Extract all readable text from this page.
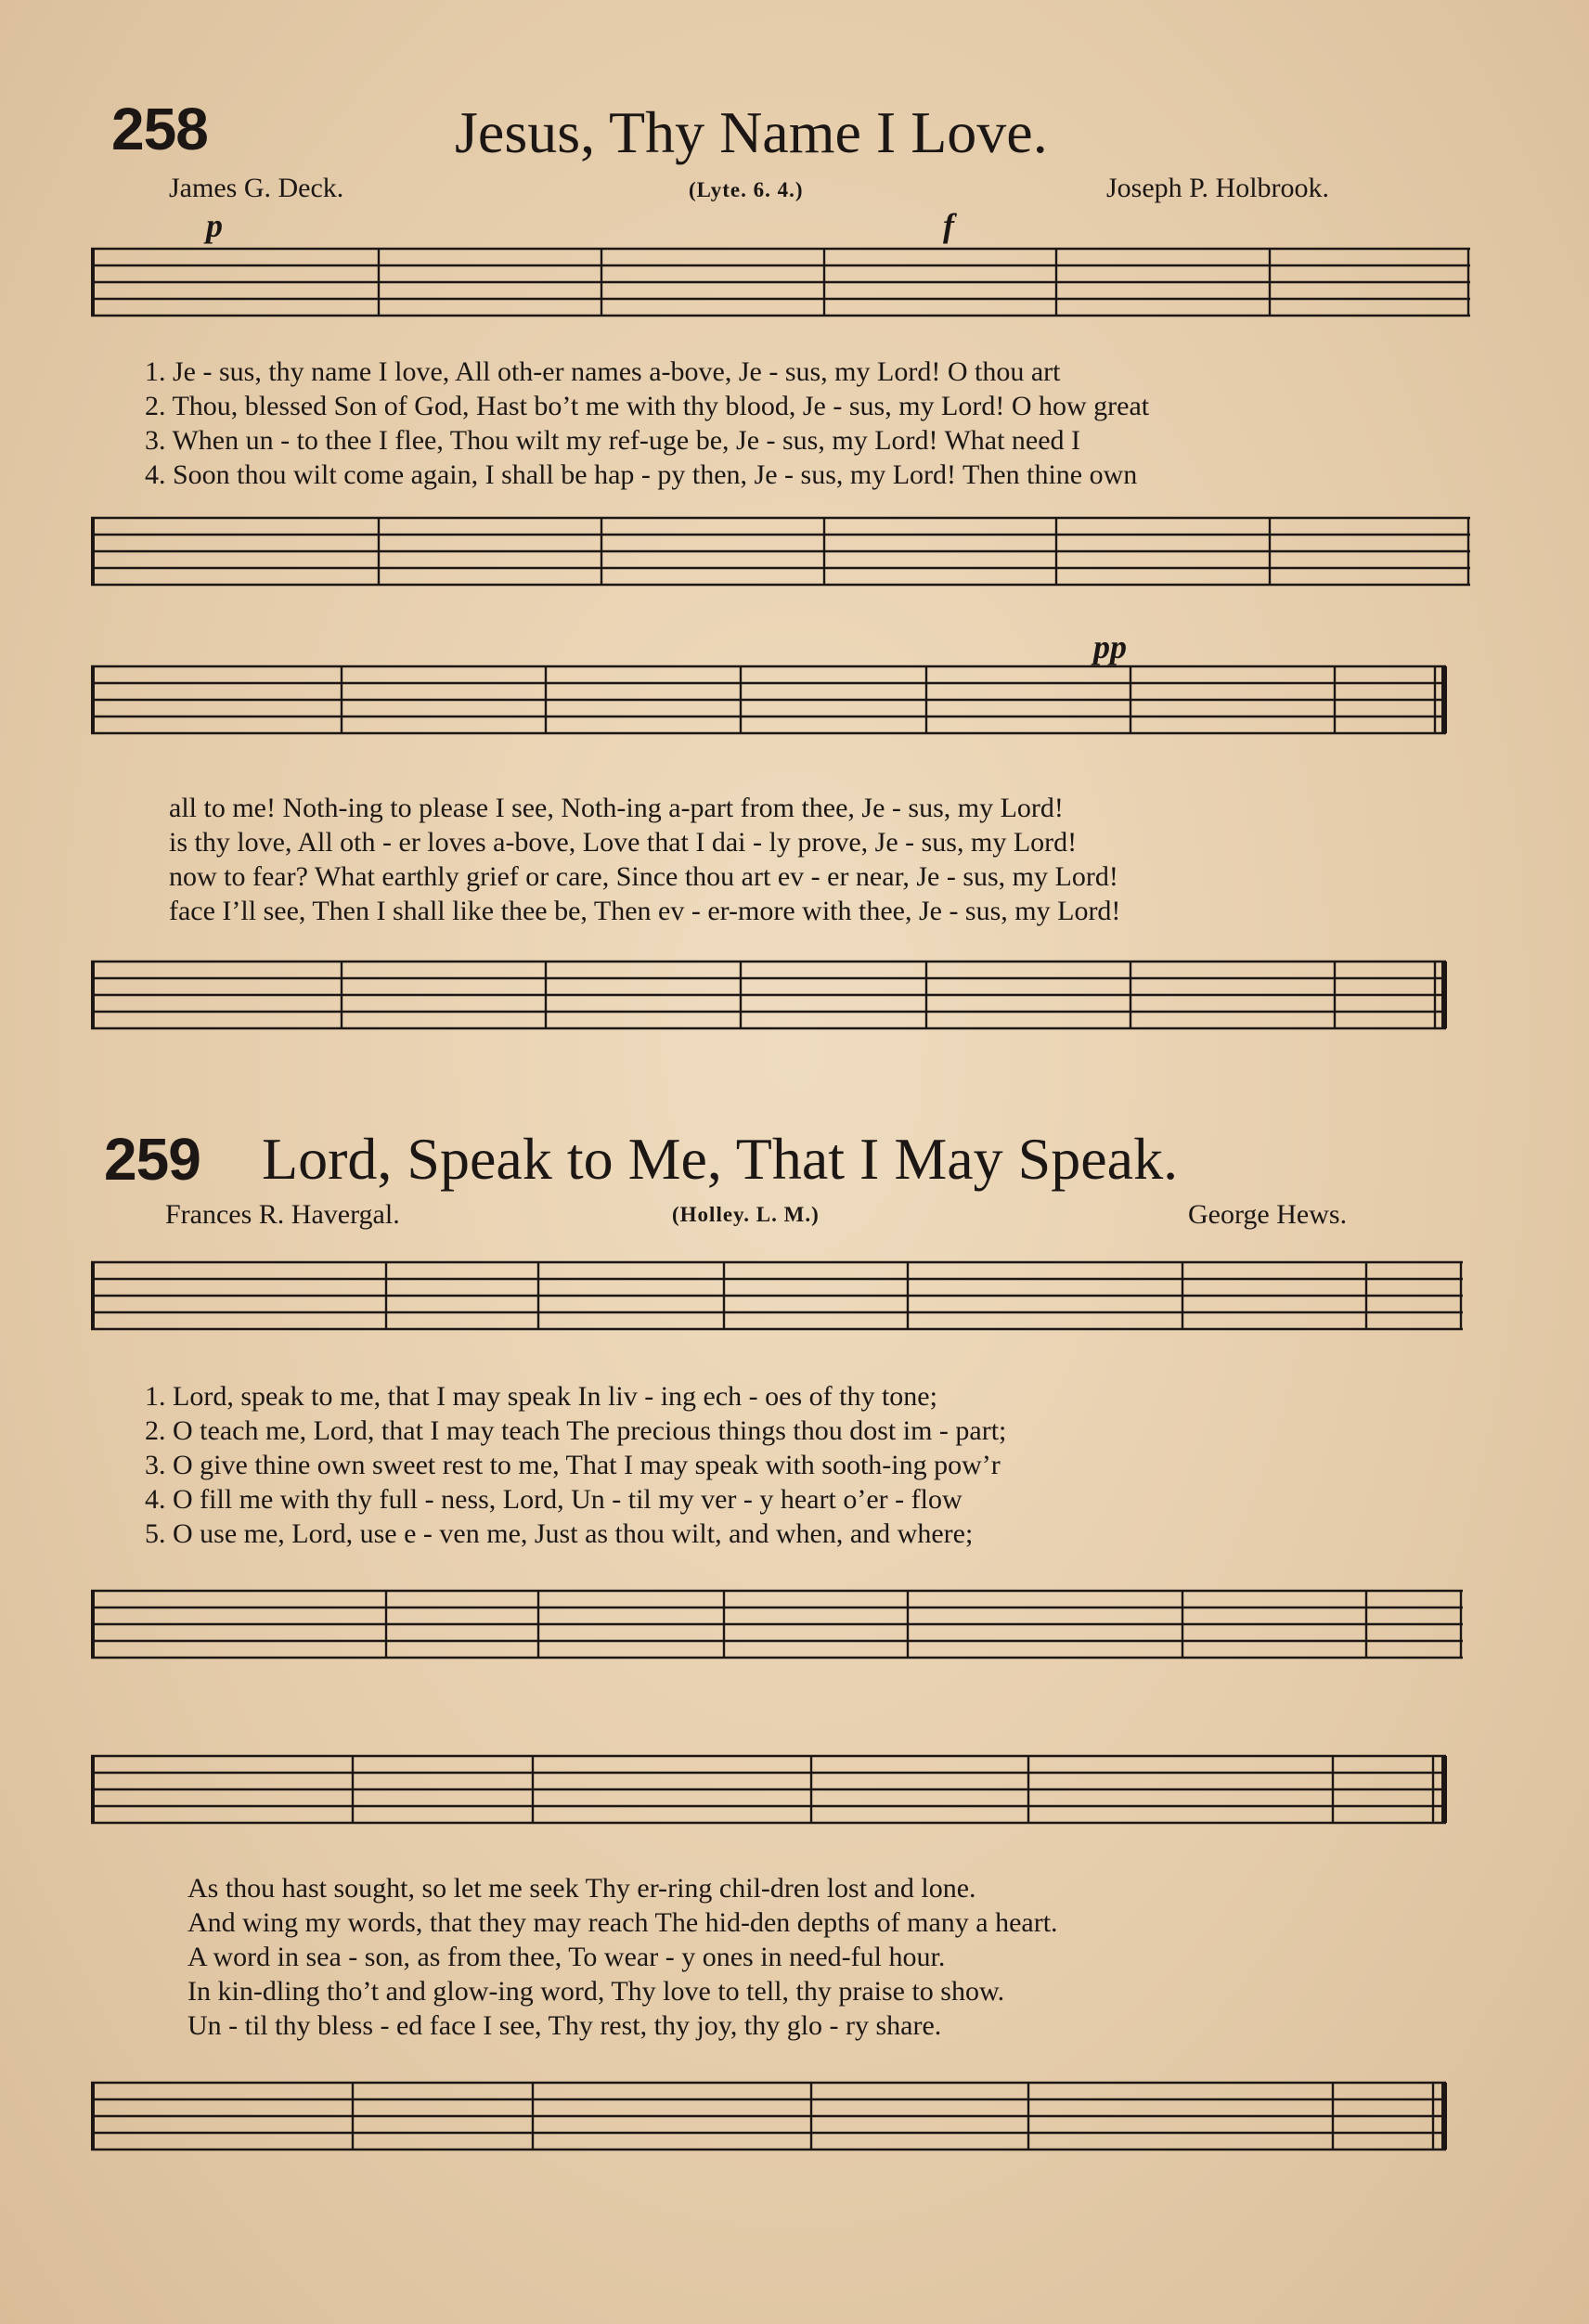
258	Jesus, Thy Name I Love.
James G. Deck.	(Lyte. 6. 4.)	Joseph P. Holbrook.
p	f
pp
1. Je - sus, thy name I love, All oth-er names a-bove, Je - sus, my Lord! O thou art
2. Thou, blessed Son of God, Hast bo’t me with thy blood, Je - sus, my Lord! O how great
3. When un - to thee I flee, Thou wilt my ref-uge be, Je - sus, my Lord! What need I
4. Soon thou wilt come again, I shall be hap - py then, Je - sus, my Lord! Then thine own
all to me! Noth-ing to please I see, Noth-ing a-part from thee, Je - sus, my Lord!
is thy love, All oth - er loves a-bove, Love that I dai - ly prove, Je - sus, my Lord!
now to fear? What earthly grief or care, Since thou art ev - er near, Je - sus, my Lord!
face I’ll see, Then I shall like thee be, Then ev - er-more with thee, Je - sus, my Lord!
259 Lord, Speak to Me, That I May Speak.
Frances R. Havergal.	(Holley. L. M.)	George Hews.
1. Lord, speak to me, that I may speak In liv - ing ech - oes of thy tone;
2. O teach me, Lord, that I may teach The precious things thou dost im - part;
3. O give thine own sweet rest to me, That I may speak with sooth-ing pow’r
4. O fill me with thy full - ness, Lord, Un - til my ver - y heart o’er - flow
5. O use me, Lord, use e - ven me, Just as thou wilt, and when, and where;
As thou hast sought, so let me seek Thy er-ring chil-dren lost and lone.
And wing my words, that they may reach The hid-den depths of many a heart.
A word in sea - son, as from thee, To wear - y ones in need-ful hour.
In kin-dling tho’t and glow-ing word, Thy love to tell, thy praise to show.
Un - til thy bless - ed face I see, Thy rest, thy joy, thy glo - ry share.
